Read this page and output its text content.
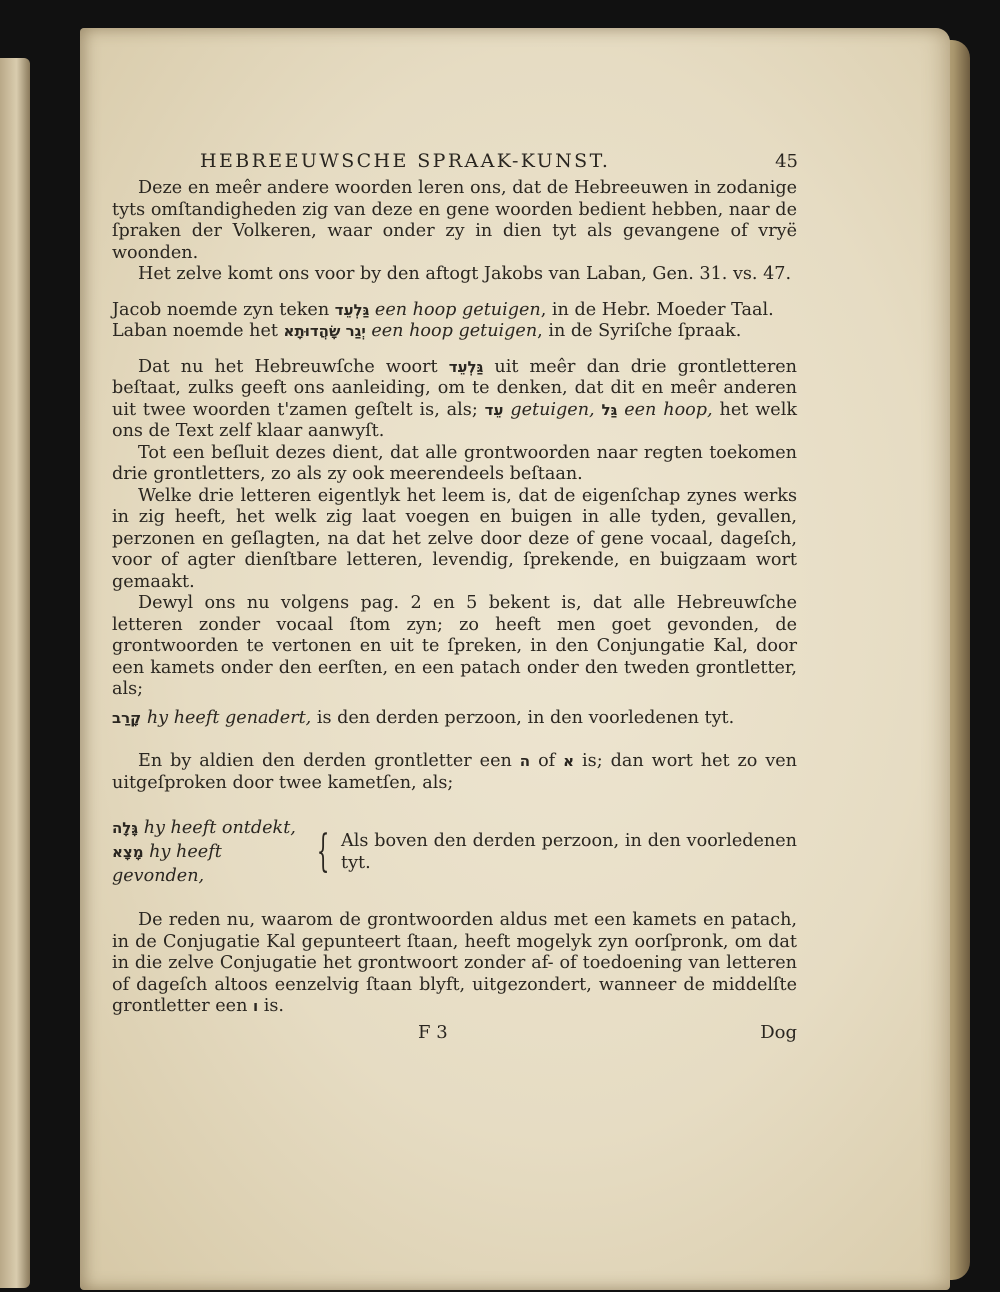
HEBREEUWSCHE SPRAAK-KUNST.	45

Deze en meêr andere woorden leren ons, dat de Hebreeuwen in zodanige tyts omſtandigheden zig van deze en gene woorden bedient hebben, naar de ſpraken der Volkeren, waar onder zy in dien tyt als gevangene of vryë woonden.

Het zelve komt ons voor by den aftogt Jakobs van Laban, Gen. 31. vs. 47.

Jacob noemde zyn teken גַּלְעֵד een hoop getuigen, in de Hebr. Moeder Taal.

Laban noemde het יְגַר שָׂהֲדוּתָא een hoop getuigen, in de Syriſche ſpraak.

Dat nu het Hebreuwſche woort גַּלְעֵד uit meêr dan drie grontletteren beſtaat, zulks geeft ons aanleiding, om te denken, dat dit en meêr anderen uit twee woorden t'zamen geſtelt is, als; עֵד getuigen, גַּל een hoop, het welk ons de Text zelf klaar aanwyſt.

Tot een beſluit dezes dient, dat alle grontwoorden naar regten toekomen drie grontletters, zo als zy ook meerendeels beſtaan.

Welke drie letteren eigentlyk het leem is, dat de eigenſchap zynes werks in zig heeft, het welk zig laat voegen en buigen in alle tyden, gevallen, perzonen en geſlagten, na dat het zelve door deze of gene vocaal, dageſch, voor of agter dienſtbare letteren, levendig, ſprekende, en buigzaam wort gemaakt.

Dewyl ons nu volgens pag. 2 en 5 bekent is, dat alle Hebreuwſche letteren zonder vocaal ſtom zyn; zo heeft men goet gevonden, de grontwoorden te vertonen en uit te ſpreken, in den Conjungatie Kal, door een kamets onder den eerſten, en een patach onder den tweden grontletter, als;

קָרַב hy heeft genadert, is den derden perzoon, in den voorledenen tyt.

En by aldien den derden grontletter een ה of א is; dan wort het zo ven uitgeſproken door twee kametſen, als;

גָּלָה hy heeft ontdekt,
מָצָא hy heeft gevonden,	{ Als boven den derden perzoon, in den voorledenen tyt.

De reden nu, waarom de grontwoorden aldus met een kamets en patach, in de Conjugatie Kal gepunteert ſtaan, heeft mogelyk zyn oorſpronk, om dat in die zelve Conjugatie het grontwoort zonder af- of toedoening van letteren of dageſch altoos eenzelvig ſtaan blyft, uitgezondert, wanneer de middelſte grontletter een ו is.

F 3	Dog
